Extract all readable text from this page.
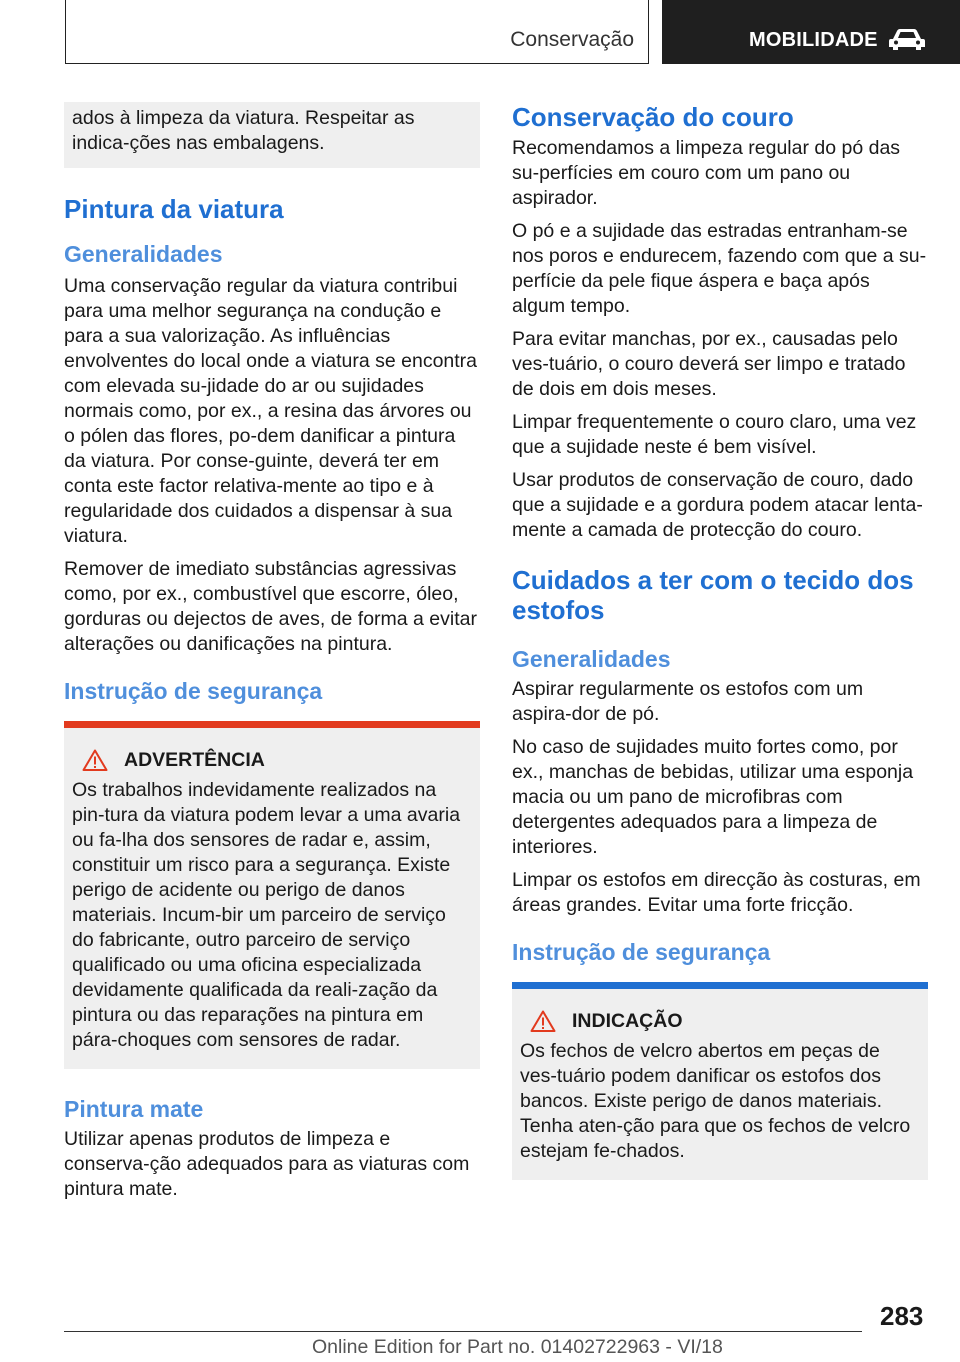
Conservação	MOBILIDADE

ados à limpeza da viatura. Respeitar as indica-ções nas embalagens.

Pintura da viatura
Generalidades

Uma conservação regular da viatura contribui para uma melhor segurança na condução e para a sua valorização. As influências envolventes do local onde a viatura se encontra com elevada su-jidade do ar ou sujidades normais como, por ex., a resina das árvores ou o pólen das flores, po-dem danificar a pintura da viatura. Por conse-guinte, deverá ter em conta este factor relativa-mente ao tipo e à regularidade dos cuidados a dispensar à sua viatura.

Remover de imediato substâncias agressivas como, por ex., combustível que escorre, óleo, gorduras ou dejectos de aves, de forma a evitar alterações ou danificações na pintura.

Instrução de segurança
ADVERTÊNCIA

Os trabalhos indevidamente realizados na pin-tura da viatura podem levar a uma avaria ou fa-lha dos sensores de radar e, assim, constituir um risco para a segurança. Existe perigo de acidente ou perigo de danos materiais. Incum-bir um parceiro de serviço do fabricante, outro parceiro de serviço qualificado ou uma oficina especializada devidamente qualificada da reali-zação da pintura ou das reparações na pintura em pára-choques com sensores de radar.

Pintura mate

Utilizar apenas produtos de limpeza e conserva-ção adequados para as viaturas com pintura mate.

Conservação do couro

Recomendamos a limpeza regular do pó das su-perfícies em couro com um pano ou aspirador.

O pó e a sujidade das estradas entranham-se nos poros e endurecem, fazendo com que a su-perfície da pele fique áspera e baça após algum tempo.

Para evitar manchas, por ex., causadas pelo ves-tuário, o couro deverá ser limpo e tratado de dois em dois meses.

Limpar frequentemente o couro claro, uma vez que a sujidade neste é bem visível.

Usar produtos de conservação de couro, dado que a sujidade e a gordura podem atacar lenta-mente a camada de protecção do couro.

Cuidados a ter com o tecido dos estofos
Generalidades

Aspirar regularmente os estofos com um aspira-dor de pó.

No caso de sujidades muito fortes como, por ex., manchas de bebidas, utilizar uma esponja macia ou um pano de microfibras com detergentes adequados para a limpeza de interiores.

Limpar os estofos em direcção às costuras, em áreas grandes. Evitar uma forte fricção.

Instrução de segurança
INDICAÇÃO

Os fechos de velcro abertos em peças de ves-tuário podem danificar os estofos dos bancos. Existe perigo de danos materiais. Tenha aten-ção para que os fechos de velcro estejam fe-chados.

283
Online Edition for Part no. 01402722963 - VI/18
